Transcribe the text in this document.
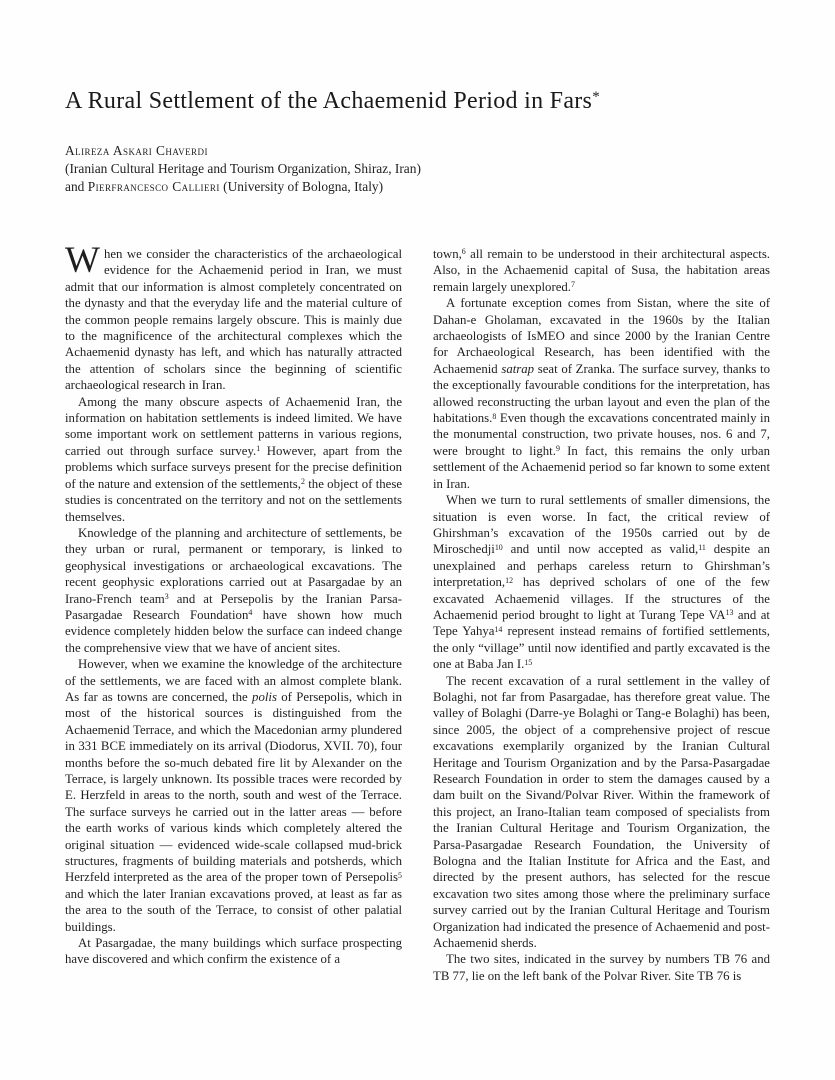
A Rural Settlement of the Achaemenid Period in Fars*
Alireza Askari Chaverdi
(Iranian Cultural Heritage and Tourism Organization, Shiraz, Iran)
and Pierfrancesco Callieri (University of Bologna, Italy)

When we consider the characteristics of the archaeological evidence for the Achaemenid period in Iran, we must admit that our information is almost completely concentrated on the dynasty and that the everyday life and the material culture of the common people remains largely obscure. This is mainly due to the magnificence of the architectural complexes which the Achaemenid dynasty has left, and which has naturally attracted the attention of scholars since the beginning of scientific archaeological research in Iran.

Among the many obscure aspects of Achaemenid Iran, the information on habitation settlements is indeed limited. We have some important work on settlement patterns in various regions, carried out through surface survey.$^1$ However, apart from the problems which surface surveys present for the precise definition of the nature and extension of the settlements,$^2$ the object of these studies is concentrated on the territory and not on the settlements themselves.

Knowledge of the planning and architecture of settlements, be they urban or rural, permanent or temporary, is linked to geophysical investigations or archaeological excavations. The recent geophysic explorations carried out at Pasargadae by an Irano-French team$^3$ and at Persepolis by the Iranian Parsa-Pasargadae Research Foundation$^4$ have shown how much evidence completely hidden below the surface can indeed change the comprehensive view that we have of ancient sites.

However, when we examine the knowledge of the architecture of the settlements, we are faced with an almost complete blank. As far as towns are concerned, the polis of Persepolis, which in most of the historical sources is distinguished from the Achaemenid Terrace, and which the Macedonian army plundered in 331 BCE immediately on its arrival (Diodorus, XVII. 70), four months before the so-much debated fire lit by Alexander on the Terrace, is largely unknown. Its possible traces were recorded by E. Herzfeld in areas to the north, south and west of the Terrace. The surface surveys he carried out in the latter areas — before the earth works of various kinds which completely altered the original situation — evidenced wide-scale collapsed mud-brick structures, fragments of building materials and potsherds, which Herzfeld interpreted as the area of the proper town of Persepolis$^5$ and which the later Iranian excavations proved, at least as far as the area to the south of the Terrace, to consist of other palatial buildings.

At Pasargadae, the many buildings which surface prospecting have discovered and which confirm the existence of a

town,$^6$ all remain to be understood in their architectural aspects. Also, in the Achaemenid capital of Susa, the habitation areas remain largely unexplored.$^7$

A fortunate exception comes from Sistan, where the site of Dahan-e Gholaman, excavated in the 1960s by the Italian archaeologists of IsMEO and since 2000 by the Iranian Centre for Archaeological Research, has been identified with the Achaemenid satrap seat of Zranka. The surface survey, thanks to the exceptionally favourable conditions for the interpretation, has allowed reconstructing the urban layout and even the plan of the habitations.$^8$ Even though the excavations concentrated mainly in the monumental construction, two private houses, nos. 6 and 7, were brought to light.$^9$ In fact, this remains the only urban settlement of the Achaemenid period so far known to some extent in Iran.

When we turn to rural settlements of smaller dimensions, the situation is even worse. In fact, the critical review of Ghirshman’s excavation of the 1950s carried out by de Miroschedji$^{10}$ and until now accepted as valid,$^{11}$ despite an unexplained and perhaps careless return to Ghirshman’s interpretation,$^{12}$ has deprived scholars of one of the few excavated Achaemenid villages. If the structures of the Achaemenid period brought to light at Turang Tepe VA$^{13}$ and at Tepe Yahya$^{14}$ represent instead remains of fortified settlements, the only “village” until now identified and partly excavated is the one at Baba Jan I.$^{15}$

The recent excavation of a rural settlement in the valley of Bolaghi, not far from Pasargadae, has therefore great value. The valley of Bolaghi (Darre-ye Bolaghi or Tang-e Bolaghi) has been, since 2005, the object of a comprehensive project of rescue excavations exemplarily organized by the Iranian Cultural Heritage and Tourism Organization and by the Parsa-Pasargadae Research Foundation in order to stem the damages caused by a dam built on the Sivand/Polvar River. Within the framework of this project, an Irano-Italian team composed of specialists from the Iranian Cultural Heritage and Tourism Organization, the Parsa-Pasargadae Research Foundation, the University of Bologna and the Italian Institute for Africa and the East, and directed by the present authors, has selected for the rescue excavation two sites among those where the preliminary surface survey carried out by the Iranian Cultural Heritage and Tourism Organization had indicated the presence of Achaemenid and post-Achaemenid sherds.

The two sites, indicated in the survey by numbers TB 76 and TB 77, lie on the left bank of the Polvar River. Site TB 76 is
